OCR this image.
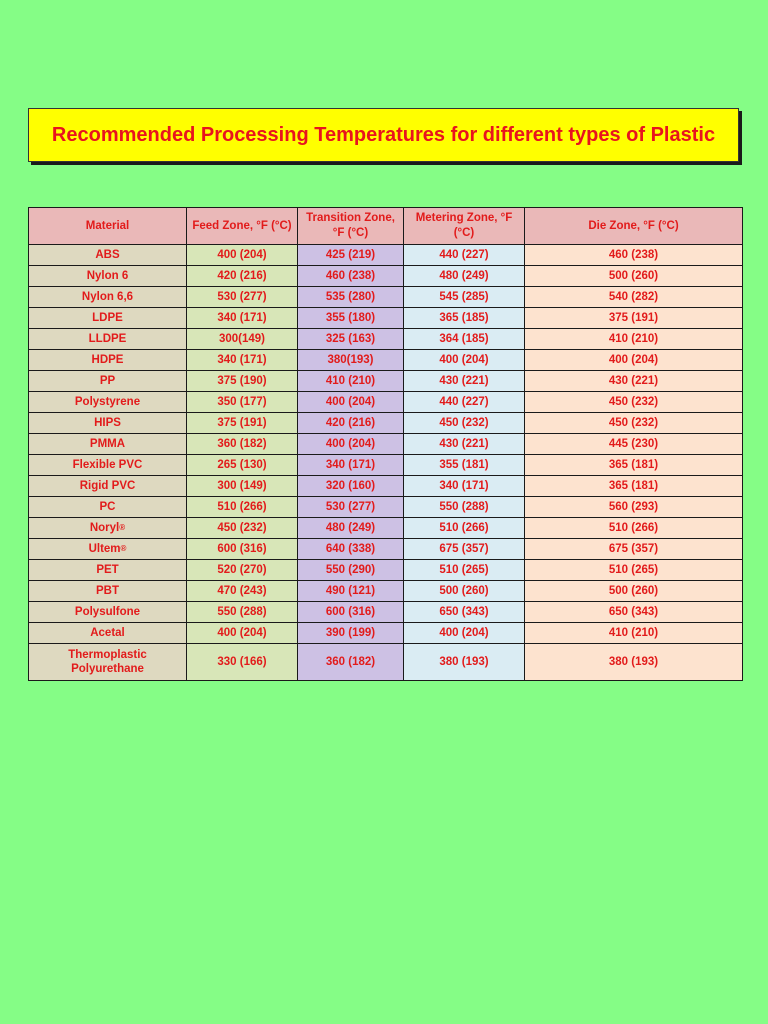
Recommended Processing Temperatures for different types of Plastic
Material	Feed Zone, °F (°C)	Transition Zone, °F (°C)	Metering Zone, °F (°C)	Die Zone, °F (°C)
ABS	400 (204)	425 (219)	440 (227)	460 (238)
Nylon 6	420 (216)	460 (238)	480 (249)	500 (260)
Nylon 6,6	530 (277)	535 (280)	545 (285)	540 (282)
LDPE	340 (171)	355 (180)	365 (185)	375 (191)
LLDPE	300(149)	325 (163)	364 (185)	410 (210)
HDPE	340 (171)	380(193)	400 (204)	400 (204)
PP	375 (190)	410 (210)	430 (221)	430 (221)
Polystyrene	350 (177)	400 (204)	440 (227)	450 (232)
HIPS	375 (191)	420 (216)	450 (232)	450 (232)
PMMA	360 (182)	400 (204)	430 (221)	445 (230)
Flexible PVC	265 (130)	340 (171)	355 (181)	365 (181)
Rigid PVC	300 (149)	320 (160)	340 (171)	365 (181)
PC	510 (266)	530 (277)	550 (288)	560 (293)
Noryl®	450 (232)	480 (249)	510 (266)	510 (266)
Ultem®	600 (316)	640 (338)	675 (357)	675 (357)
PET	520 (270)	550 (290)	510 (265)	510 (265)
PBT	470 (243)	490 (121)	500 (260)	500 (260)
Polysulfone	550 (288)	600 (316)	650 (343)	650 (343)
Acetal	400 (204)	390 (199)	400 (204)	410 (210)
Thermoplastic Polyurethane	330 (166)	360 (182)	380 (193)	380 (193)
